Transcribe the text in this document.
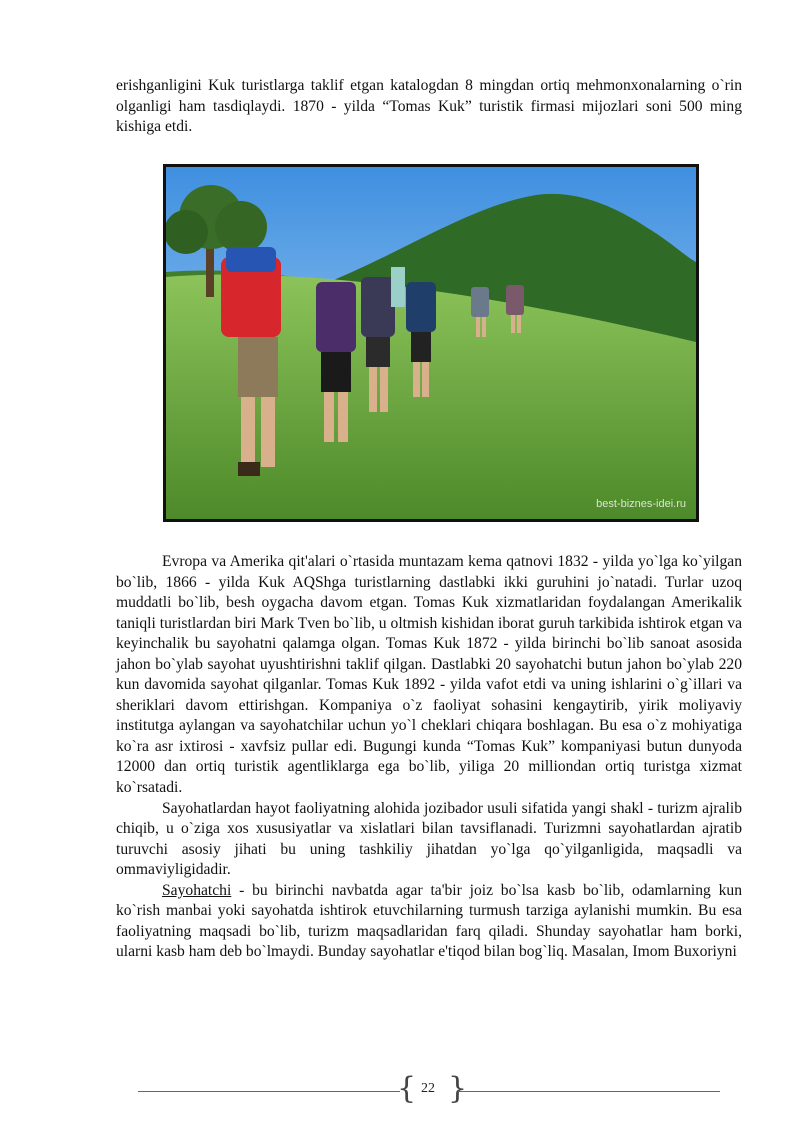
erishganligini Kuk turistlarga taklif etgan katalogdan 8 mingdan ortiq mehmonxonalarning o`rin olganligi ham tasdiqlaydi. 1870 - yilda “Tomas Kuk” turistik firmasi mijozlari soni 500 ming kishiga etdi.

best-biznes-idei.ru

Evropa va Amerika qit'alari o`rtasida muntazam kema qatnovi 1832 - yilda yo`lga ko`yilgan bo`lib, 1866 - yilda Kuk AQShga turistlarning dastlabki ikki guruhini jo`natadi. Turlar uzoq muddatli bo`lib, besh oygacha davom etgan. Tomas Kuk xizmatlaridan foydalangan Amerikalik taniqli turistlardan biri Mark Tven bo`lib, u oltmish kishidan iborat guruh tarkibida ishtirok etgan va keyinchalik bu sayohatni qalamga olgan. Tomas Kuk 1872 - yilda birinchi bo`lib sanoat asosida jahon bo`ylab sayohat uyushtirishni taklif qilgan. Dastlabki 20 sayohatchi butun jahon bo`ylab 220 kun davomida sayohat qilganlar. Tomas Kuk 1892 - yilda vafot etdi va uning ishlarini o`g`illari va sheriklari davom ettirishgan. Kompaniya o`z faoliyat sohasini kengaytirib, yirik moliyaviy institutga aylangan va sayohatchilar uchun yo`l cheklari chiqara boshlagan. Bu esa o`z mohiyatiga ko`ra asr ixtirosi - xavfsiz pullar edi. Bugungi kunda “Tomas Kuk” kompaniyasi butun dunyoda 12000 dan ortiq turistik agentliklarga ega bo`lib, yiliga 20 milliondan ortiq turistga xizmat ko`rsatadi.

Sayohatlardan hayot faoliyatning alohida jozibador usuli sifatida yangi shakl - turizm ajralib chiqib, u o`ziga xos xususiyatlar va xislatlari bilan tavsiflanadi. Turizmni sayohatlardan ajratib turuvchi asosiy jihati bu uning tashkiliy jihatdan yo`lga qo`yilganligida, maqsadli va ommaviyligidadir.

Sayohatchi - bu birinchi navbatda agar ta'bir joiz bo`lsa kasb bo`lib, odamlarning kun ko`rish manbai yoki sayohatda ishtirok etuvchilarning turmush tarziga aylanishi mumkin. Bu esa faoliyatning maqsadi bo`lib, turizm maqsadlaridan farq qiladi. Shunday sayohatlar ham borki, ularni kasb ham deb bo`lmaydi. Bunday sayohatlar e'tiqod bilan bog`liq. Masalan, Imom Buxoriyni

{ 22 }
